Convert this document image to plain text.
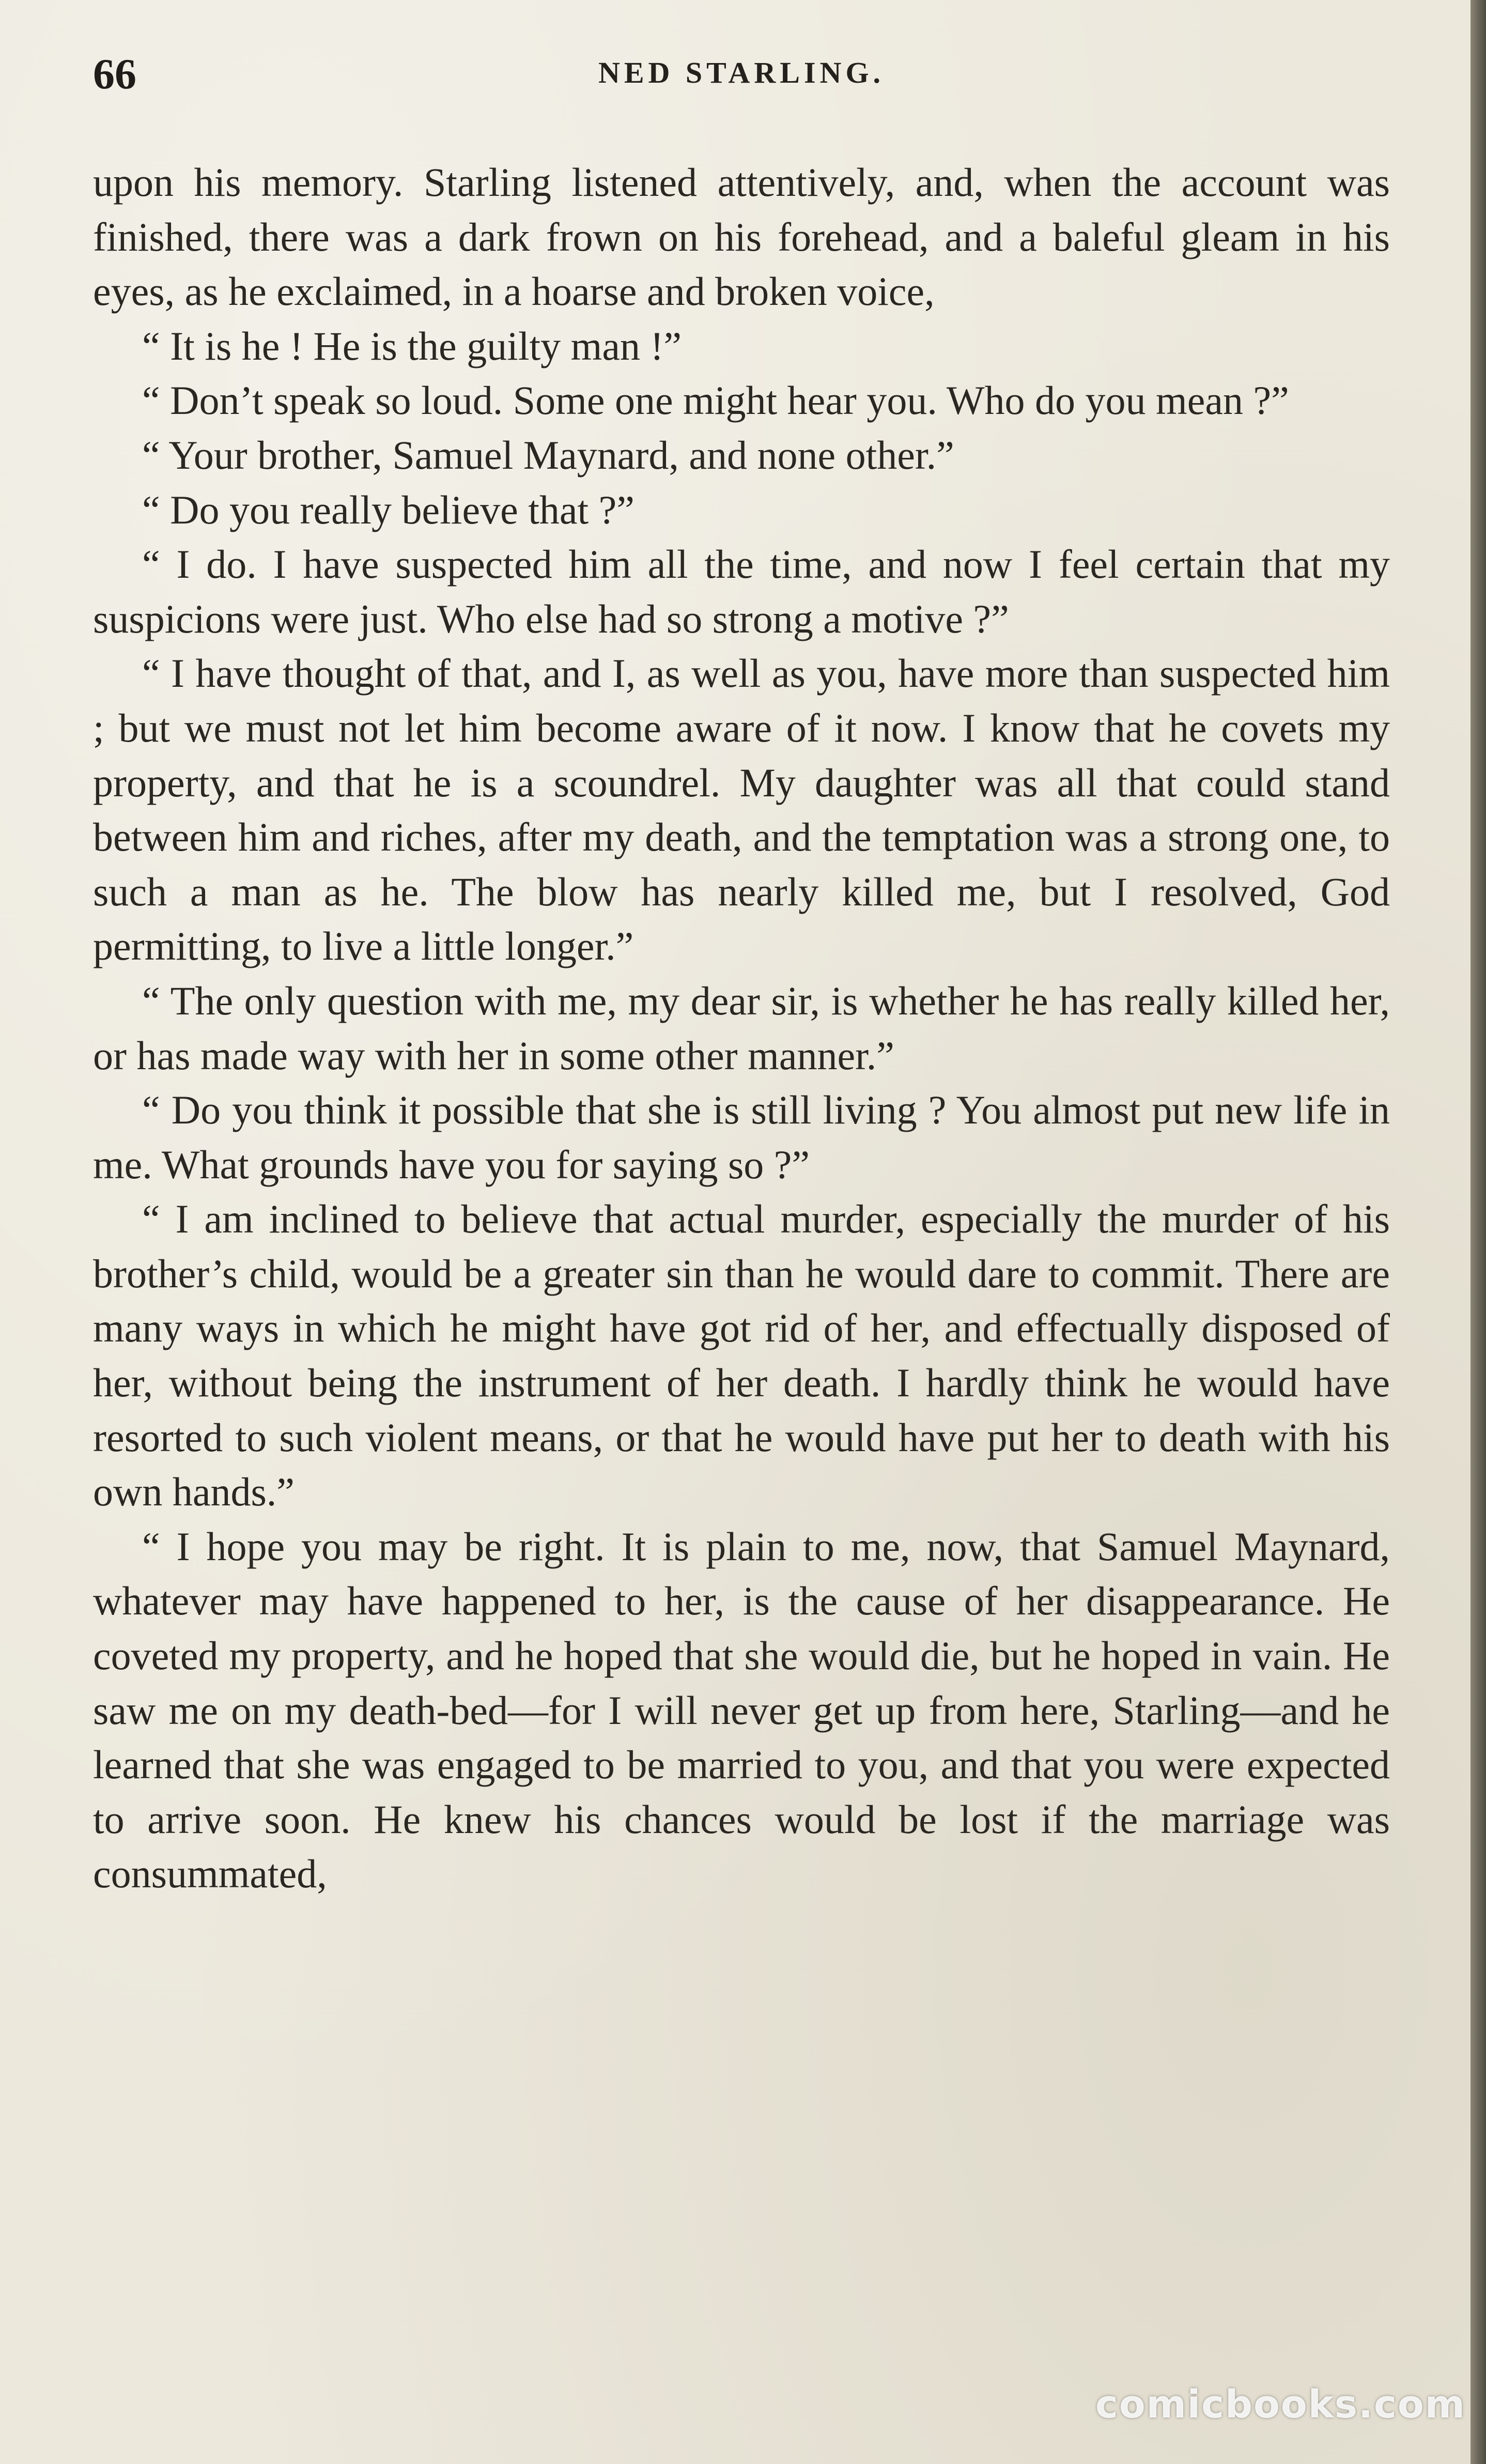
66	NED STARLING.

upon his memory. Starling listened attentively, and, when the account was finished, there was a dark frown on his forehead, and a baleful gleam in his eyes, as he exclaimed, in a hoarse and broken voice,

“ It is he ! He is the guilty man !”

“ Don’t speak so loud. Some one might hear you. Who do you mean ?”

“ Your brother, Samuel Maynard, and none other.”

“ Do you really believe that ?”

“ I do. I have suspected him all the time, and now I feel certain that my suspicions were just. Who else had so strong a motive ?”

“ I have thought of that, and I, as well as you, have more than suspected him ; but we must not let him become aware of it now. I know that he covets my property, and that he is a scoundrel. My daughter was all that could stand between him and riches, after my death, and the temptation was a strong one, to such a man as he. The blow has nearly killed me, but I resolved, God permitting, to live a little longer.”

“ The only question with me, my dear sir, is whether he has really killed her, or has made way with her in some other manner.”

“ Do you think it possible that she is still living ? You almost put new life in me. What grounds have you for saying so ?”

“ I am inclined to believe that actual murder, especially the murder of his brother’s child, would be a greater sin than he would dare to commit. There are many ways in which he might have got rid of her, and effectually disposed of her, without being the instrument of her death. I hardly think he would have resorted to such violent means, or that he would have put her to death with his own hands.”

“ I hope you may be right. It is plain to me, now, that Samuel Maynard, whatever may have happened to her, is the cause of her disappearance. He coveted my property, and he hoped that she would die, but he hoped in vain. He saw me on my death-bed—for I will never get up from here, Starling—and he learned that she was engaged to be married to you, and that you were expected to arrive soon. He knew his chances would be lost if the marriage was consummated,

comicbooks.com
